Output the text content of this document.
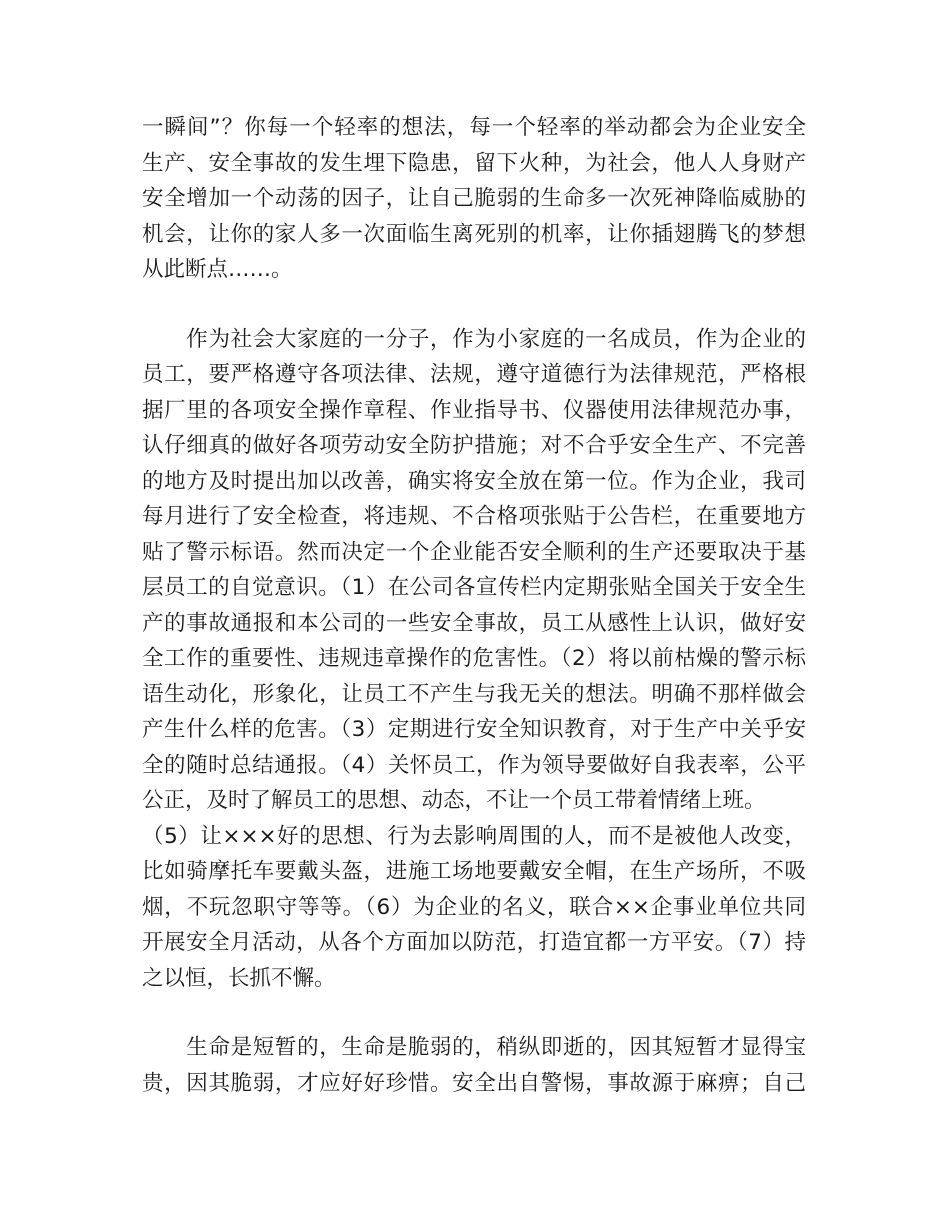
一瞬间”？你每一个轻率的想法，每一个轻率的举动都会为企业安全
生产、安全事故的发生埋下隐患，留下火种，为社会，他人人身财产
安全增加一个动荡的因子，让自己脆弱的生命多一次死神降临威胁的
机会，让你的家人多一次面临生离死别的机率，让你插翅腾飞的梦想
从此断点……。
　　作为社会大家庭的一分子，作为小家庭的一名成员，作为企业的
员工，要严格遵守各项法律、法规，遵守道德行为法律规范，严格根
据厂里的各项安全操作章程、作业指导书、仪器使用法律规范办事，
认仔细真的做好各项劳动安全防护措施；对不合乎安全生产、不完善
的地方及时提出加以改善，确实将安全放在第一位。作为企业，我司
每月进行了安全检查，将违规、不合格项张贴于公告栏，在重要地方
贴了警示标语。然而决定一个企业能否安全顺利的生产还要取决于基
层员工的自觉意识。（1）在公司各宣传栏内定期张贴全国关于安全生
产的事故通报和本公司的一些安全事故，员工从感性上认识，做好安
全工作的重要性、违规违章操作的危害性。（2）将以前枯燥的警示标
语生动化，形象化，让员工不产生与我无关的想法。明确不那样做会
产生什么样的危害。（3）定期进行安全知识教育，对于生产中关乎安
全的随时总结通报。（4）关怀员工，作为领导要做好自我表率，公平
公正，及时了解员工的思想、动态，不让一个员工带着情绪上班。
（5）让×××好的思想、行为去影响周围的人，而不是被他人改变，
比如骑摩托车要戴头盔，进施工场地要戴安全帽，在生产场所，不吸
烟，不玩忽职守等等。（6）为企业的名义，联合××企事业单位共同
开展安全月活动，从各个方面加以防范，打造宜都一方平安。（7）持
之以恒，长抓不懈。
　　生命是短暂的，生命是脆弱的，稍纵即逝的，因其短暂才显得宝
贵，因其脆弱，才应好好珍惜。安全出自警惕，事故源于麻痹；自己
